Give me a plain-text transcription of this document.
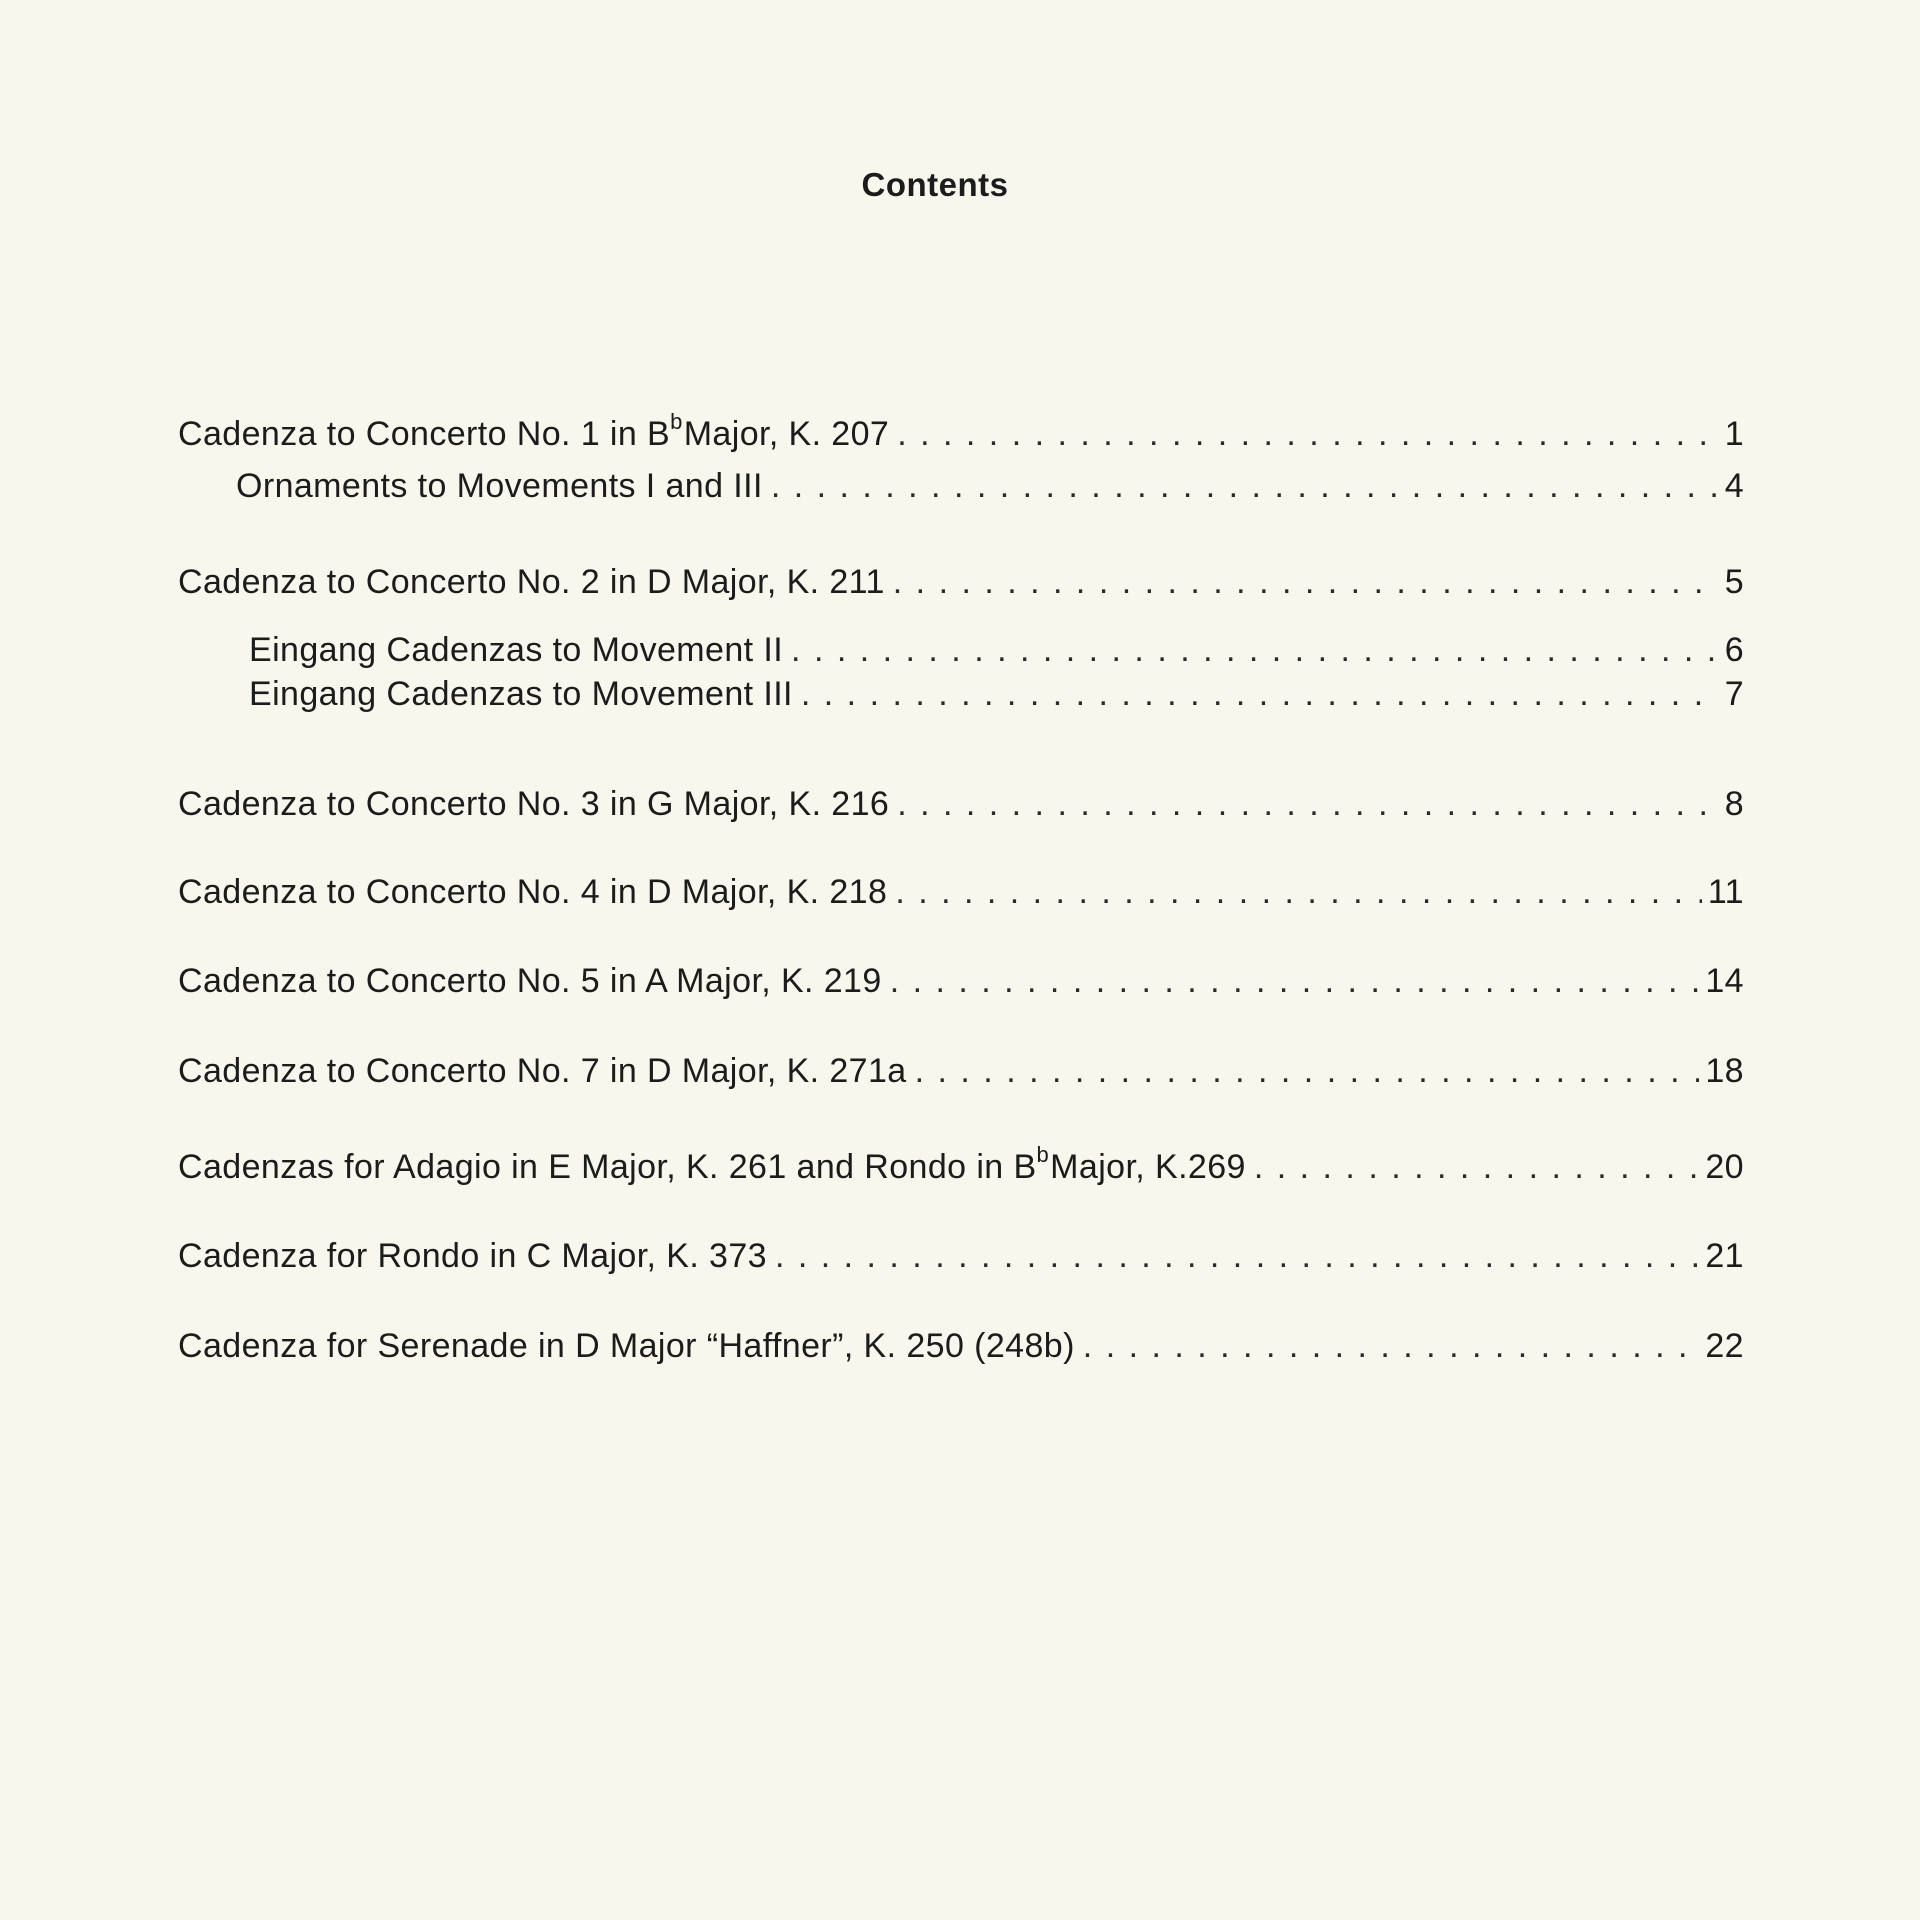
Contents
Cadenza to Concerto No. 1 in $B^bMajor$, K. 207 . . .	1
Ornaments to Movements I and III . . .	4
Cadenza to Concerto No. 2 in D Major, K. 211 . . .	5
Eingang Cadenzas to Movement II . . .	6
Eingang Cadenzas to Movement III . . .	7
Cadenza to Concerto No. 3 in G Major, K. 216 . . .	8
Cadenza to Concerto No. 4 in D Major, K. 218 . . .	11
Cadenza to Concerto No. 5 in A Major, K. 219 . . .	14
Cadenza to Concerto No. 7 in D Major, K. 271a . . .	18
Cadenzas for Adagio in E Major, K. 261 and Rondo in $B^bMajor$, K.269 . . .	20
Cadenza for Rondo in C Major, K. 373 . . .	21
Cadenza for Serenade in D Major “Haffner”, K. 250 (248b) . . .	22
